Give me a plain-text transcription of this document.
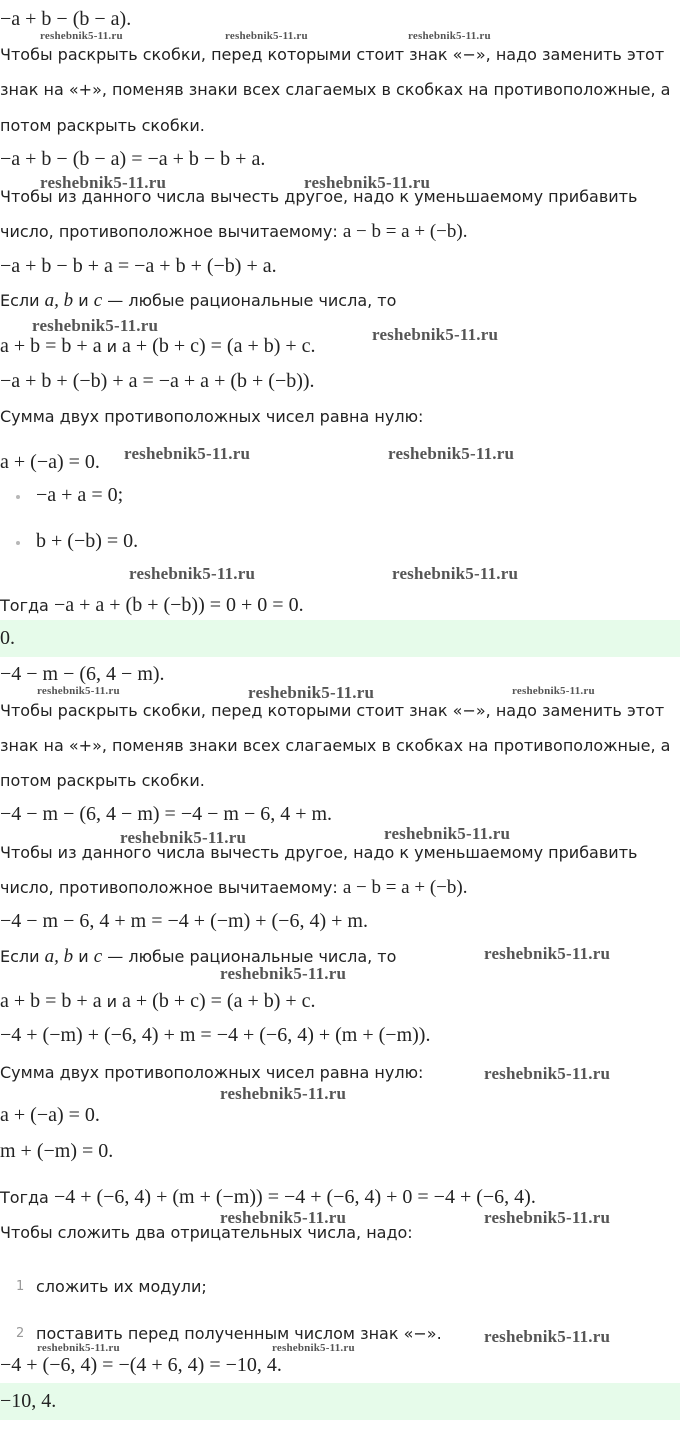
−a + b − (b − a).
Чтобы раскрыть скобки, перед которыми стоит знак «−», надо заменить этот
знак на «+», поменяв знаки всех слагаемых в скобках на противоположные, а
потом раскрыть скобки.
−a + b − (b − a) = −a + b − b + a.
Чтобы из данного числа вычесть другое, надо к уменьшаемому прибавить
число, противоположное вычитаемому: a − b = a + (−b).
−a + b − b + a = −a + b + (−b) + a.
Если a, b и c — любые рациональные числа, то
a + b = b + a и a + (b + c) = (a + b) + c.
−a + b + (−b) + a = −a + a + (b + (−b)).
Сумма двух противоположных чисел равна нулю:
a + (−a) = 0.
−a + a = 0;
b + (−b) = 0.
Тогда −a + a + (b + (−b)) = 0 + 0 = 0.
0.
−4 − m − (6, 4 − m).
Чтобы раскрыть скобки, перед которыми стоит знак «−», надо заменить этот
знак на «+», поменяв знаки всех слагаемых в скобках на противоположные, а
потом раскрыть скобки.
−4 − m − (6, 4 − m) = −4 − m − 6, 4 + m.
Чтобы из данного числа вычесть другое, надо к уменьшаемому прибавить
число, противоположное вычитаемому: a − b = a + (−b).
−4 − m − 6, 4 + m = −4 + (−m) + (−6, 4) + m.
Если a, b и c — любые рациональные числа, то
a + b = b + a и a + (b + c) = (a + b) + c.
−4 + (−m) + (−6, 4) + m = −4 + (−6, 4) + (m + (−m)).
Сумма двух противоположных чисел равна нулю:
a + (−a) = 0.
m + (−m) = 0.
Тогда −4 + (−6, 4) + (m + (−m)) = −4 + (−6, 4) + 0 = −4 + (−6, 4).
Чтобы сложить два отрицательных числа, надо:
1 сложить их модули;
2 поставить перед полученным числом знак «−».
−4 + (−6, 4) = −(4 + 6, 4) = −10, 4.
−10, 4.
reshebnik5-11.ru	reshebnik5-11.ru	reshebnik5-11.ru
reshebnik5-11.ru	reshebnik5-11.ru
reshebnik5-11.ru	reshebnik5-11.ru
reshebnik5-11.ru	reshebnik5-11.ru
reshebnik5-11.ru	reshebnik5-11.ru
reshebnik5-11.ru	reshebnik5-11.ru	reshebnik5-11.ru
reshebnik5-11.ru	reshebnik5-11.ru
reshebnik5-11.ru
reshebnik5-11.ru
reshebnik5-11.ru
reshebnik5-11.ru
reshebnik5-11.ru	reshebnik5-11.ru
reshebnik5-11.ru
reshebnik5-11.ru	reshebnik5-11.ru
